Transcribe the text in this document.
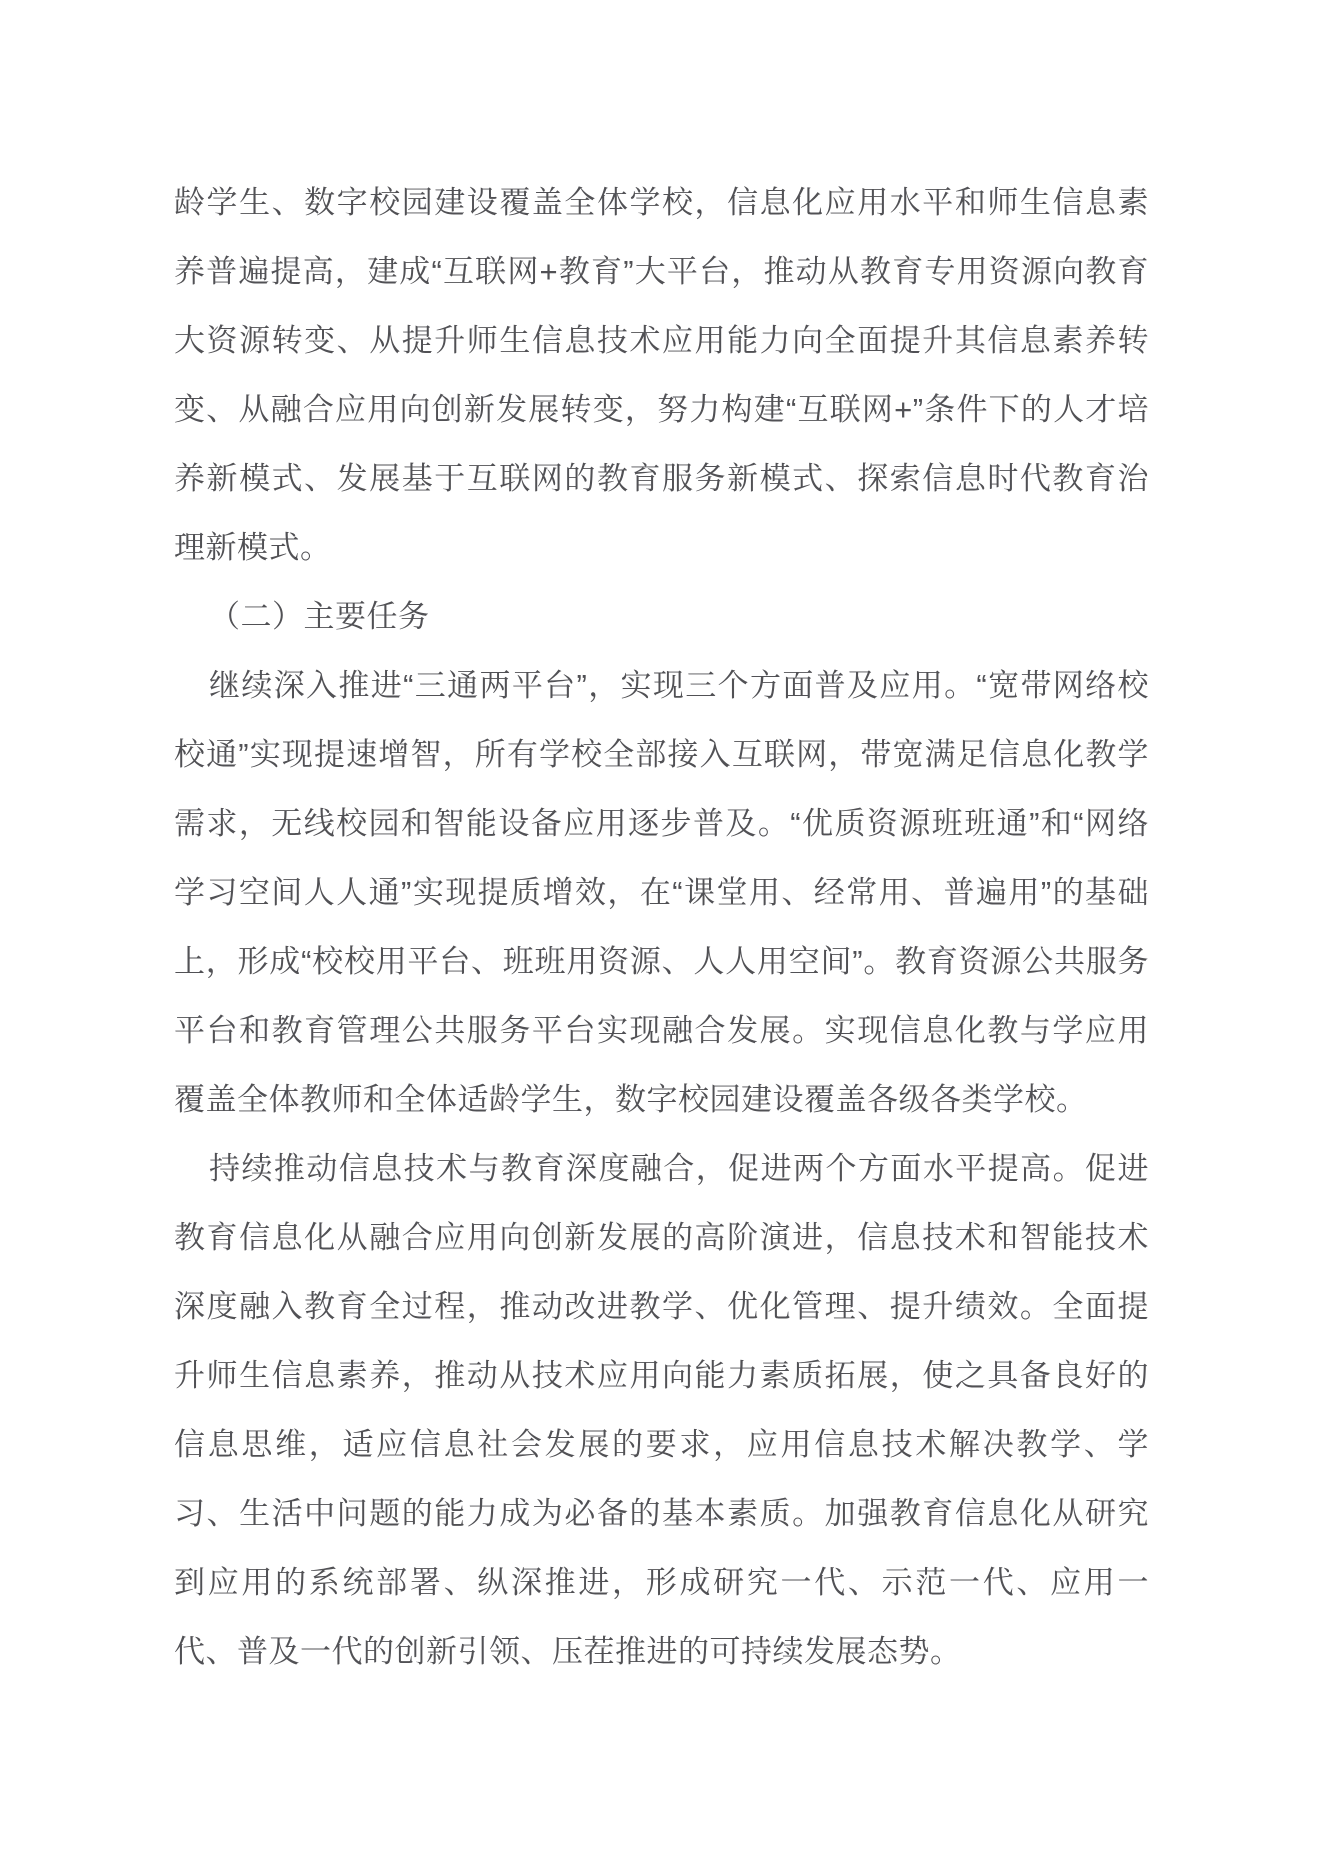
龄学生、数字校园建设覆盖全体学校，信息化应用水平和师生信息素养普遍提高，建成“互联网+教育”大平台，推动从教育专用资源向教育大资源转变、从提升师生信息技术应用能力向全面提升其信息素养转变、从融合应用向创新发展转变，努力构建“互联网+”条件下的人才培养新模式、发展基于互联网的教育服务新模式、探索信息时代教育治理新模式。

（二）主要任务

继续深入推进“三通两平台”，实现三个方面普及应用。“宽带网络校校通”实现提速增智，所有学校全部接入互联网，带宽满足信息化教学需求，无线校园和智能设备应用逐步普及。“优质资源班班通”和“网络学习空间人人通”实现提质增效，在“课堂用、经常用、普遍用”的基础上，形成“校校用平台、班班用资源、人人用空间”。教育资源公共服务平台和教育管理公共服务平台实现融合发展。实现信息化教与学应用覆盖全体教师和全体适龄学生，数字校园建设覆盖各级各类学校。

持续推动信息技术与教育深度融合，促进两个方面水平提高。促进教育信息化从融合应用向创新发展的高阶演进，信息技术和智能技术深度融入教育全过程，推动改进教学、优化管理、提升绩效。全面提升师生信息素养，推动从技术应用向能力素质拓展，使之具备良好的信息思维，适应信息社会发展的要求，应用信息技术解决教学、学习、生活中问题的能力成为必备的基本素质。加强教育信息化从研究到应用的系统部署、纵深推进，形成研究一代、示范一代、应用一代、普及一代的创新引领、压茬推进的可持续发展态势。
